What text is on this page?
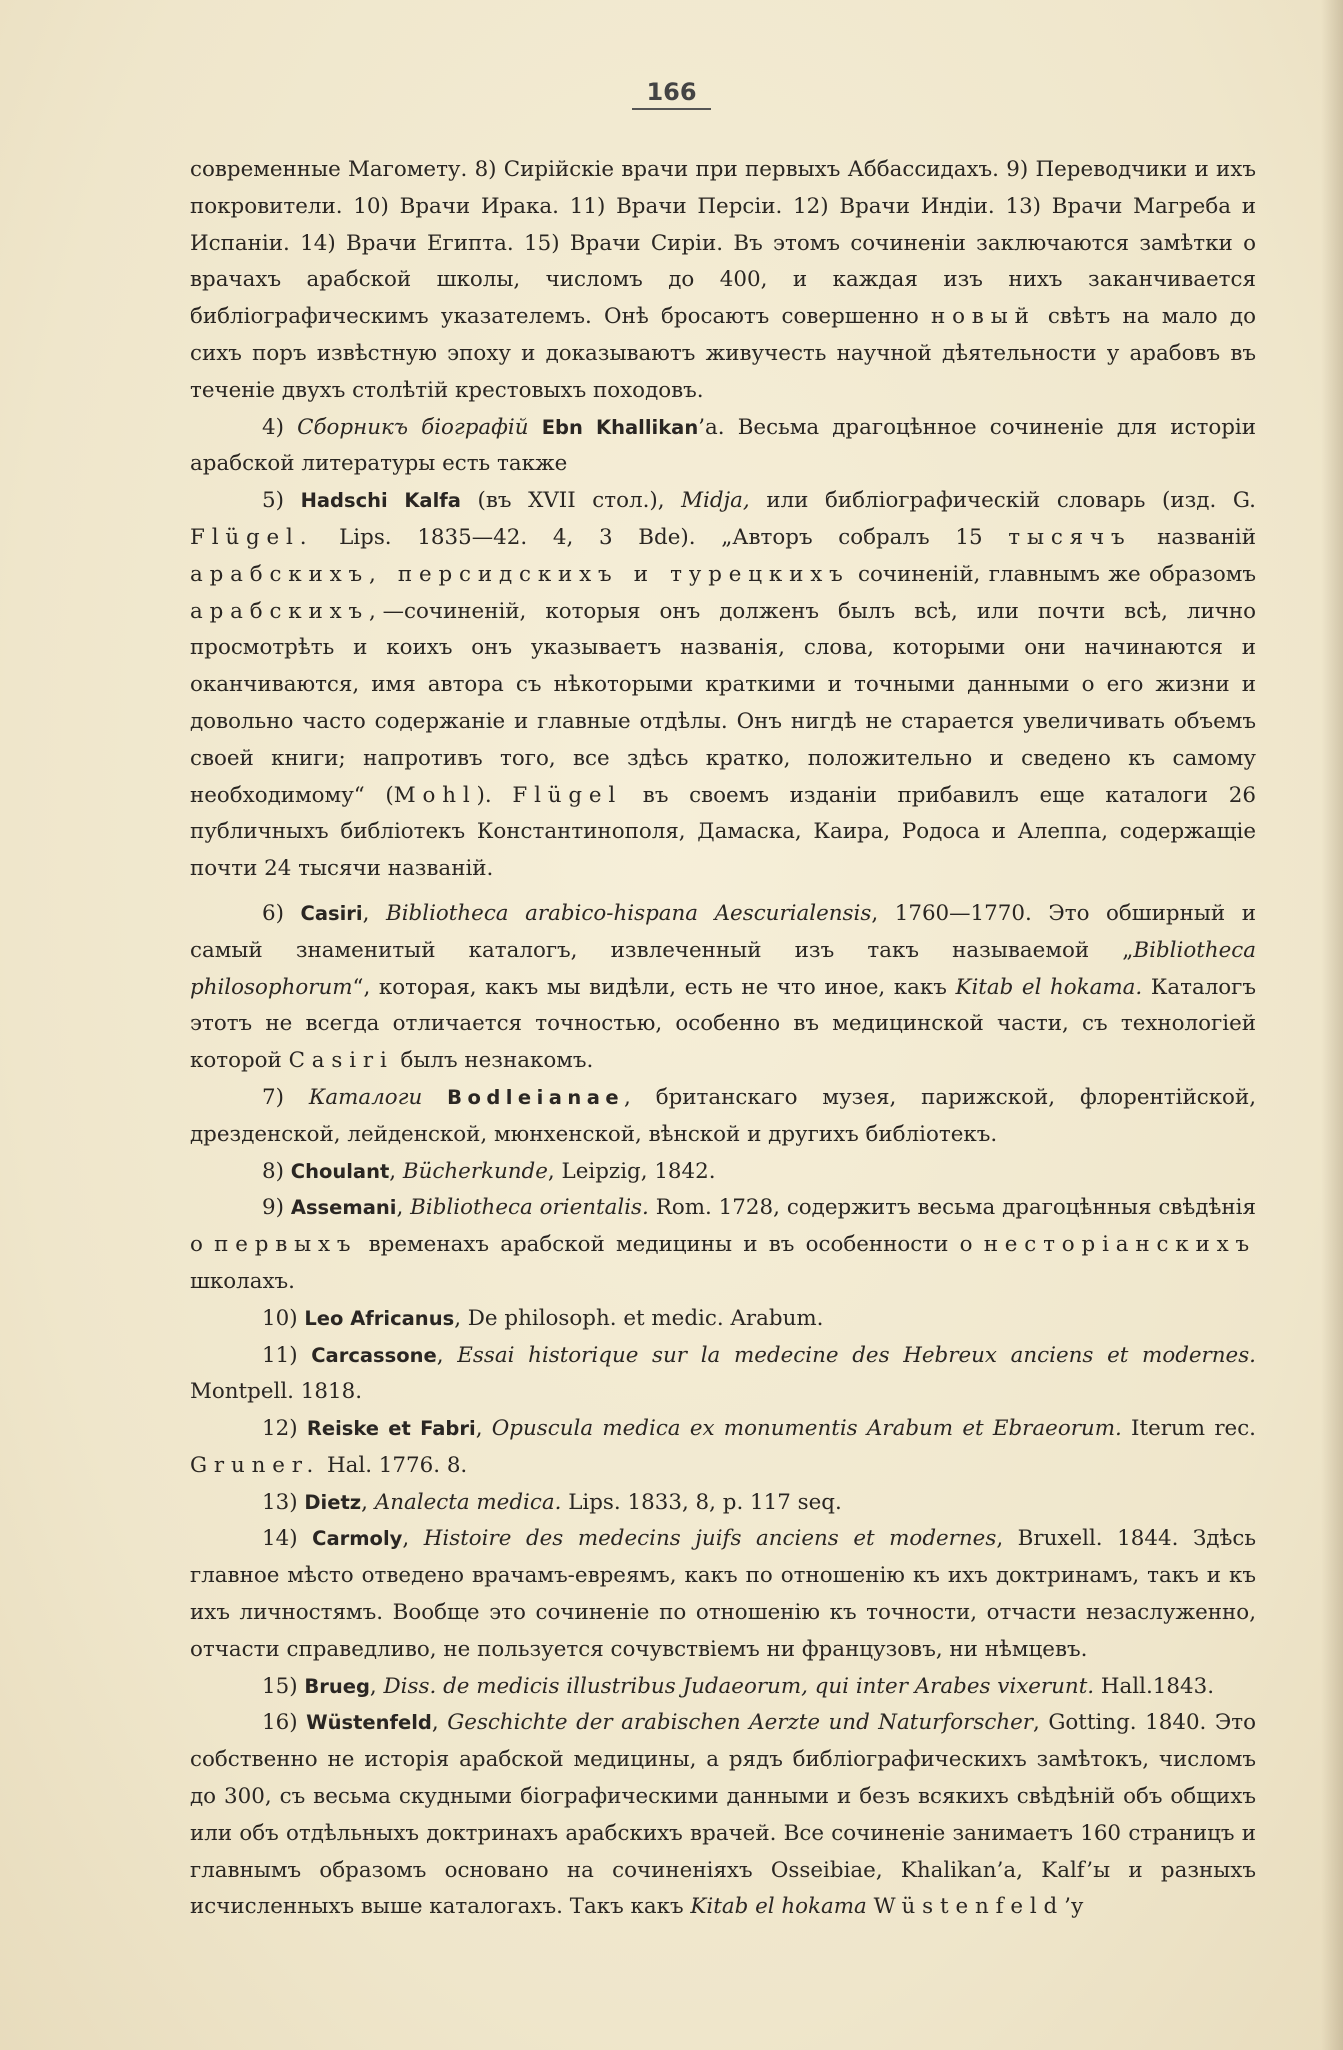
166

современные Магомету. 8) Сирійскіе врачи при первыхъ Аббассидахъ. 9) Переводчики и ихъ покровители. 10) Врачи Ирака. 11) Врачи Персіи. 12) Врачи Индіи. 13) Врачи Магреба и Испаніи. 14) Врачи Египта. 15) Врачи Сиріи. Въ этомъ сочиненіи заключаются замѣтки о врачахъ арабской школы, числомъ до 400, и каждая изъ нихъ заканчивается библіографическимъ указателемъ. Онѣ бросаютъ совершенно новый свѣтъ на мало до сихъ поръ извѣстную эпоху и доказываютъ живучесть научной дѣятельности у арабовъ въ теченіе двухъ столѣтій крестовыхъ походовъ.

4) Сборникъ біографій Ebn Khallikan’а. Весьма драгоцѣнное сочиненіе для исторіи арабской литературы есть также

5) Hadschi Kalfa (въ XVII стол.), Midja, или библіографическій словарь (изд. G. Flügel. Lips. 1835—42. 4, 3 Bde). „Авторъ собралъ 15 тысячъ названій арабскихъ, персидскихъ и турецкихъ сочиненій, главнымъ же образомъ арабскихъ,—сочиненій, которыя онъ долженъ былъ всѣ, или почти всѣ, лично просмотрѣть и коихъ онъ указываетъ названія, слова, которыми они начинаются и оканчиваются, имя автора съ нѣкоторыми краткими и точными данными о его жизни и довольно часто содержаніе и главные отдѣлы. Онъ нигдѣ не старается увеличивать объемъ своей книги; напротивъ того, все здѣсь кратко, положительно и сведено къ самому необходимому“ (Mohl). Flügel въ своемъ изданіи прибавилъ еще каталоги 26 публичныхъ библіотекъ Константинополя, Дамаска, Каира, Родоса и Алеппа, содержащіе почти 24 тысячи названій.

6) Casiri, Bibliotheca arabico-hispana Aescurialensis, 1760—1770. Это обширный и самый знаменитый каталогъ, извлеченный изъ такъ называемой „Bibliotheca philosophorum“, которая, какъ мы видѣли, есть не что иное, какъ Kitab el hokama. Каталогъ этотъ не всегда отличается точностью, особенно въ медицинской части, съ технологіей которой Casiri былъ незнакомъ.

7) Каталоги Bodleianae, британскаго музея, парижской, флорентійской, дрезденской, лейденской, мюнхенской, вѣнской и другихъ библіотекъ.

8) Choulant, Bücherkunde, Leipzig, 1842.

9) Assemani, Bibliotheca orientalis. Rom. 1728, содержитъ весьма драгоцѣнныя свѣдѣнія о первыхъ временахъ арабской медицины и въ особенности о несторіанскихъ школахъ.

10) Leo Africanus, De philosoph. et medic. Arabum.

11) Carcassone, Essai historique sur la medecine des Hebreux anciens et modernes. Montpell. 1818.

12) Reiske et Fabri, Opuscula medica ex monumentis Arabum et Ebraeorum. Iterum rec. Gruner. Hal. 1776. 8.

13) Dietz, Analecta medica. Lips. 1833, 8, p. 117 seq.

14) Carmoly, Histoire des medecins juifs anciens et modernes, Bruxell. 1844. Здѣсь главное мѣсто отведено врачамъ-евреямъ, какъ по отношенію къ ихъ доктринамъ, такъ и къ ихъ личностямъ. Вообще это сочиненіе по отношенію къ точности, отчасти незаслуженно, отчасти справедливо, не пользуется сочувствіемъ ни французовъ, ни нѣмцевъ.

15) Brueg, Diss. de medicis illustribus Judaeorum, qui inter Arabes vixerunt. Hall.1843.

16) Wüstenfeld, Geschichte der arabischen Aerzte und Naturforscher, Gotting. 1840. Это собственно не исторія арабской медицины, а рядъ библіографическихъ замѣтокъ, числомъ до 300, съ весьма скудными біографическими данными и безъ всякихъ свѣдѣній объ общихъ или объ отдѣльныхъ доктринахъ арабскихъ врачей. Все сочиненіе занимаетъ 160 страницъ и главнымъ образомъ основано на сочиненіяхъ Osseibiae, Khalikan’a, Kalf’ы и разныхъ исчисленныхъ выше каталогахъ. Такъ какъ Kitab el hokama Wüstenfeld’у
